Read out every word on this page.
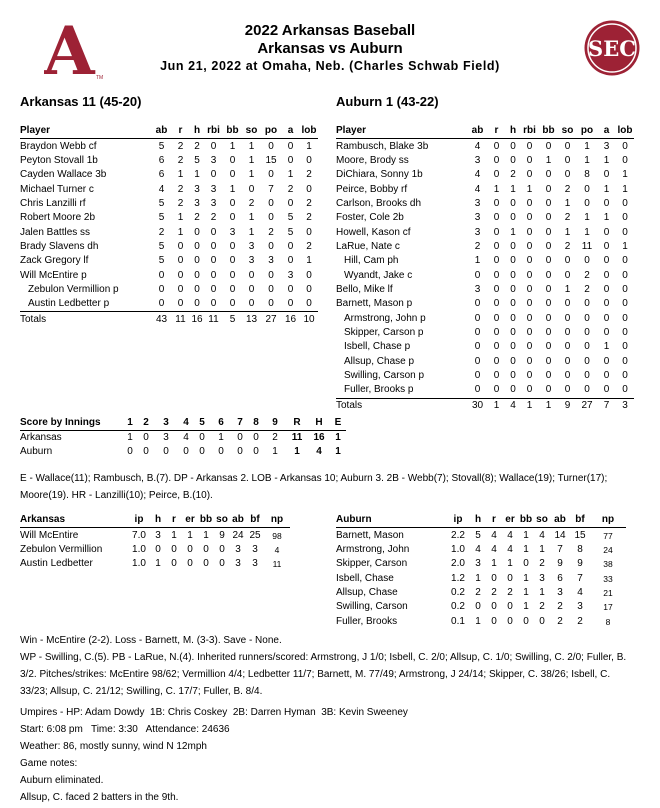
A TM
SEC
2022 Arkansas Baseball
Arkansas vs Auburn
Jun 21, 2022 at Omaha, Neb. (Charles Schwab Field)
Arkansas 11 (45-20)	Auburn 1 (43-22)
Player	ab	r	h	rbi	bb	so	po	a	lob
Braydon Webb cf	5	2	2	0	1	1	0	0	1
Peyton Stovall 1b	6	2	5	3	0	1	15	0	0
Cayden Wallace 3b	6	1	1	0	0	1	0	1	2
Michael Turner c	4	2	3	3	1	0	7	2	0
Chris Lanzilli rf	5	2	3	3	0	2	0	0	2
Robert Moore 2b	5	1	2	2	0	1	0	5	2
Jalen Battles ss	2	1	0	0	3	1	2	5	0
Brady Slavens dh	5	0	0	0	0	3	0	0	2
Zack Gregory lf	5	0	0	0	0	3	3	0	1
Will McEntire p	0	0	0	0	0	0	0	3	0
Zebulon Vermillion p	0	0	0	0	0	0	0	0	0
Austin Ledbetter p	0	0	0	0	0	0	0	0	0
Totals	43	11	16	11	5	13	27	16	10
Player	ab	r	h	rbi	bb	so	po	a	lob
Rambusch, Blake 3b	4	0	0	0	0	0	1	3	0
Moore, Brody ss	3	0	0	0	1	0	1	1	0
DiChiara, Sonny 1b	4	0	2	0	0	0	8	0	1
Peirce, Bobby rf	4	1	1	1	0	2	0	1	1
Carlson, Brooks dh	3	0	0	0	0	1	0	0	0
Foster, Cole 2b	3	0	0	0	0	2	1	1	0
Howell, Kason cf	3	0	1	0	0	1	1	0	0
LaRue, Nate c	2	0	0	0	0	2	11	0	1
Hill, Cam ph	1	0	0	0	0	0	0	0	0
Wyandt, Jake c	0	0	0	0	0	0	2	0	0
Bello, Mike lf	3	0	0	0	0	1	2	0	0
Barnett, Mason p	0	0	0	0	0	0	0	0	0
Armstrong, John p	0	0	0	0	0	0	0	0	0
Skipper, Carson p	0	0	0	0	0	0	0	0	0
Isbell, Chase p	0	0	0	0	0	0	0	1	0
Allsup, Chase p	0	0	0	0	0	0	0	0	0
Swilling, Carson p	0	0	0	0	0	0	0	0	0
Fuller, Brooks p	0	0	0	0	0	0	0	0	0
Totals	30	1	4	1	1	9	27	7	3
Score by Innings	1	2	3	4	5	6	7	8	9	R	H	E
Arkansas	1	0	3	4	0	1	0	0	2	11	16	1
Auburn	0	0	0	0	0	0	0	0	1	1	4	1
E - Wallace(11); Rambusch, B.(7). DP - Arkansas 2. LOB - Arkansas 10; Auburn 3. 2B - Webb(7); Stovall(8); Wallace(19); Turner(17); Moore(19). HR - Lanzilli(10); Peirce, B.(10).
Arkansas	ip	h	r	er	bb	so	ab	bf	np
Will McEntire	7.0	3	1	1	1	9	24	25	98
Zebulon Vermillion	1.0	0	0	0	0	0	3	3	4
Austin Ledbetter	1.0	1	0	0	0	0	3	3	11
Auburn	ip	h	r	er	bb	so	ab	bf	np
Barnett, Mason	2.2	5	4	4	1	4	14	15	77
Armstrong, John	1.0	4	4	4	1	1	7	8	24
Skipper, Carson	2.0	3	1	1	0	2	9	9	38
Isbell, Chase	1.2	1	0	0	1	3	6	7	33
Allsup, Chase	0.2	2	2	2	1	1	3	4	21
Swilling, Carson	0.2	0	0	0	1	2	2	3	17
Fuller, Brooks	0.1	1	0	0	0	0	2	2	8
Win - McEntire (2-2). Loss - Barnett, M. (3-3). Save - None.
WP - Swilling, C.(5). PB - LaRue, N.(4). Inherited runners/scored: Armstrong, J 1/0; Isbell, C. 2/0; Allsup, C. 1/0; Swilling, C. 2/0; Fuller, B. 3/2. Pitches/strikes: McEntire 98/62; Vermillion 4/4; Ledbetter 11/7; Barnett, M. 77/49; Armstrong, J 24/14; Skipper, C. 38/26; Isbell, C. 33/23; Allsup, C. 21/12; Swilling, C. 17/7; Fuller, B. 8/4.
Umpires - HP: Adam Dowdy  1B: Chris Coskey  2B: Darren Hyman  3B: Kevin Sweeney
Start: 6:08 pm   Time: 3:30   Attendance: 24636
Weather: 86, mostly sunny, wind N 12mph
Game notes:
Auburn eliminated.
Allsup, C. faced 2 batters in the 9th.
